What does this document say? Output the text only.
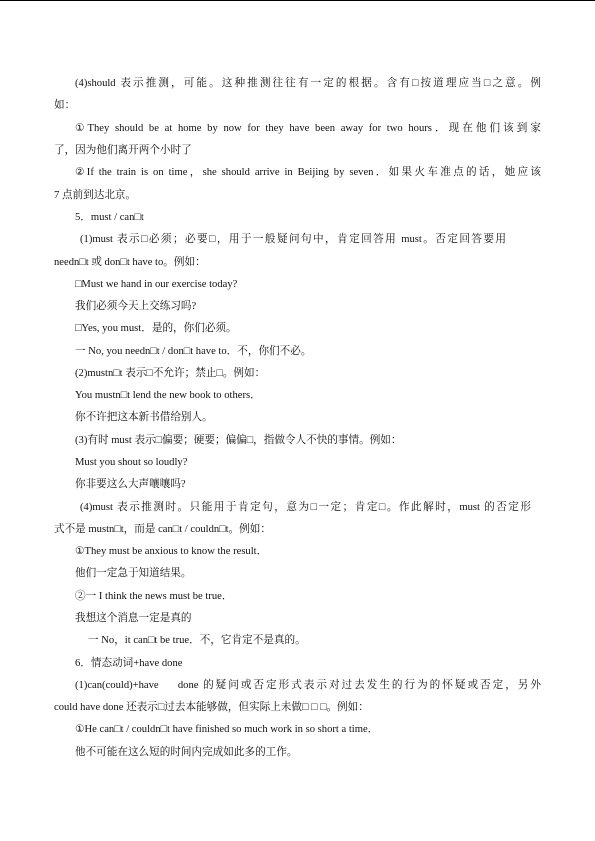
(4)should 表示推测，可能。这种推测往往有一定的根据。含有□按道理应当□之意。例
如：
①They should be at home by now for they have been away for two hours．现在他们该到家
了，因为他们离开两个小时了
②If the train is on time，she should arrive in Beijing by seven．如果火车准点的话，她应该
7 点前到达北京。
5．must / can□t
(1)must 表示□必须；必要□，用于一般疑问句中，肯定回答用 must。否定回答要用
needn□t 或 don□t have to。例如：
□Must we hand in our exercise today?
我们必须今天上交练习吗?
□Yes, you must．是的，你们必须。
一 No, you needn□t / don□t have to．不，你们不必。
(2)mustn□t 表示□不允许；禁止□。例如：
You mustn□t lend the new book to others．
你不许把这本新书借给别人。
(3)有时 must 表示□偏要；硬要；偏偏□，指做令人不快的事情。例如：
Must you shout so loudly?
你非要这么大声嚷嚷吗?
(4)must 表示推测时。只能用于肯定句，意为□一定；肯定□。作此解时，must 的否定形
式不是 mustn□t，而是 can□t / couldn□t。例如：
①They must be anxious to know the result．
他们一定急于知道结果。
②一 I think the news must be true．
我想这个消息一定是真的
一 No，it can□t be true．不，它肯定不是真的。
6．情态动词+have done
(1)can(could)+have　 done 的疑问或否定形式表示对过去发生的行为的怀疑或否定，另外
could have done 还表示□过去本能够做，但实际上未做□ □ □。例如：
①He can□t / couldn□t have finished so much work in so short a time．
他不可能在这么短的时间内完成如此多的工作。
